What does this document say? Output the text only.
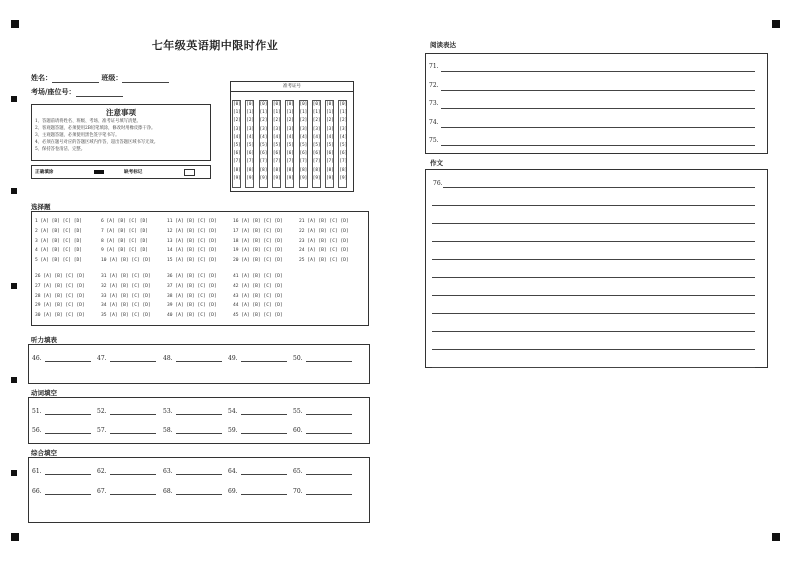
七年级英语期中限时作业
姓名：	班级：
考场/座位号：
注意事项
1、答题前请将姓名、班级、考场、准考证号填写清楚。
2、客观题答题，必须使用2B铅笔填涂，修改时用橡皮擦干净。
3、主观题答题，必须使用黑色签字笔书写。
4、必须在题号对应的答题区域内作答，超出答题区域书写无效。
5、保持答卷清洁、完整。
正确填涂	缺考标记
准考证号
选择题
听力填表
动词填空
综合填空
阅读表达
作文
76.
[0]
[1]
[2]
[3]
[4]
[5]
[6]
[7]
[8]
[9]
[0]
[1]
[2]
[3]
[4]
[5]
[6]
[7]
[8]
[9]
[0]
[1]
[2]
[3]
[4]
[5]
[6]
[7]
[8]
[9]
[0]
[1]
[2]
[3]
[4]
[5]
[6]
[7]
[8]
[9]
[0]
[1]
[2]
[3]
[4]
[5]
[6]
[7]
[8]
[9]
[0]
[1]
[2]
[3]
[4]
[5]
[6]
[7]
[8]
[9]
[0]
[1]
[2]
[3]
[4]
[5]
[6]
[7]
[8]
[9]
[0]
[1]
[2]
[3]
[4]
[5]
[6]
[7]
[8]
[9]
[0]
[1]
[2]
[3]
[4]
[5]
[6]
[7]
[8]
[9]
1 [A] [B] [C] [D]
2 [A] [B] [C] [D]
3 [A] [B] [C] [D]
4 [A] [B] [C] [D]
5 [A] [B] [C] [D]
6 [A] [B] [C] [D]
7 [A] [B] [C] [D]
8 [A] [B] [C] [D]
9 [A] [B] [C] [D]
10 [A] [B] [C] [D]
11 [A] [B] [C] [D]
12 [A] [B] [C] [D]
13 [A] [B] [C] [D]
14 [A] [B] [C] [D]
15 [A] [B] [C] [D]
16 [A] [B] [C] [D]
17 [A] [B] [C] [D]
18 [A] [B] [C] [D]
19 [A] [B] [C] [D]
20 [A] [B] [C] [D]
21 [A] [B] [C] [D]
22 [A] [B] [C] [D]
23 [A] [B] [C] [D]
24 [A] [B] [C] [D]
25 [A] [B] [C] [D]
26 [A] [B] [C] [D]
27 [A] [B] [C] [D]
28 [A] [B] [C] [D]
29 [A] [B] [C] [D]
30 [A] [B] [C] [D]
31 [A] [B] [C] [D]
32 [A] [B] [C] [D]
33 [A] [B] [C] [D]
34 [A] [B] [C] [D]
35 [A] [B] [C] [D]
36 [A] [B] [C] [D]
37 [A] [B] [C] [D]
38 [A] [B] [C] [D]
39 [A] [B] [C] [D]
40 [A] [B] [C] [D]
41 [A] [B] [C] [D]
42 [A] [B] [C] [D]
43 [A] [B] [C] [D]
44 [A] [B] [C] [D]
45 [A] [B] [C] [D]
46.	47.	48.	49.	50.
51.	52.	53.	54.	55.
56.	57.	58.	59.	60.
61.	62.	63.	64.	65.
66.	67.	68.	69.	70.
71.
72.
73.
74.
75.
